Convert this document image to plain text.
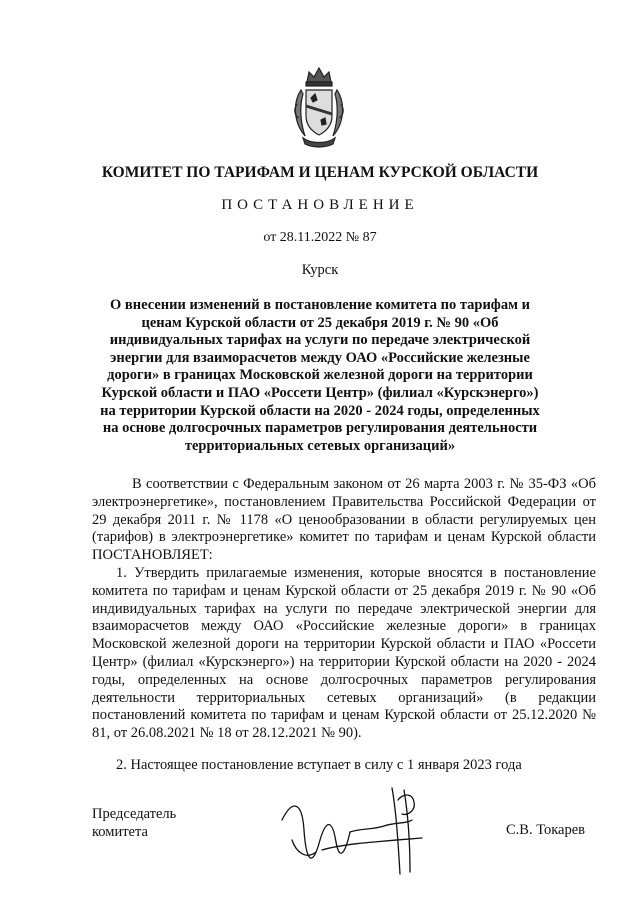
КОМИТЕТ ПО ТАРИФАМ И ЦЕНАМ КУРСКОЙ ОБЛАСТИ
ПОСТАНОВЛЕНИЕ
от 28.11.2022 № 87
Курск
О внесении изменений в постановление комитета по тарифам и ценам Курской области от 25 декабря 2019 г. № 90 «Об индивидуальных тарифах на услуги по передаче электрической энергии для взаиморасчетов между ОАО «Российские железные дороги» в границах Московской железной дороги на территории Курской области и ПАО «Россети Центр» (филиал «Курскэнерго») на территории Курской области на 2020 - 2024 годы, определенных на основе долгосрочных параметров регулирования деятельности территориальных сетевых организаций»
В соответствии с Федеральным законом от 26 марта 2003 г. № 35-ФЗ «Об электроэнергетике», постановлением Правительства Российской Федерации от 29 декабря 2011 г. № 1178 «О ценообразовании в области регулируемых цен (тарифов) в электроэнергетике» комитет по тарифам и ценам Курской области ПОСТАНОВЛЯЕТ:
1. Утвердить прилагаемые изменения, которые вносятся в постановление комитета по тарифам и ценам Курской области от 25 декабря 2019 г. № 90 «Об индивидуальных тарифах на услуги по передаче электрической энергии для взаиморасчетов между ОАО «Российские железные дороги» в границах Московской железной дороги на территории Курской области и ПАО «Россети Центр» (филиал «Курскэнерго») на территории Курской области на 2020 - 2024 годы, определенных на основе долгосрочных параметров регулирования деятельности территориальных сетевых организаций» (в редакции постановлений комитета по тарифам и ценам Курской области от 25.12.2020 № 81, от 26.08.2021 № 18 от 28.12.2021 № 90).
2. Настоящее постановление вступает в силу с 1 января 2023 года
Председатель
комитета	С.В. Токарев
